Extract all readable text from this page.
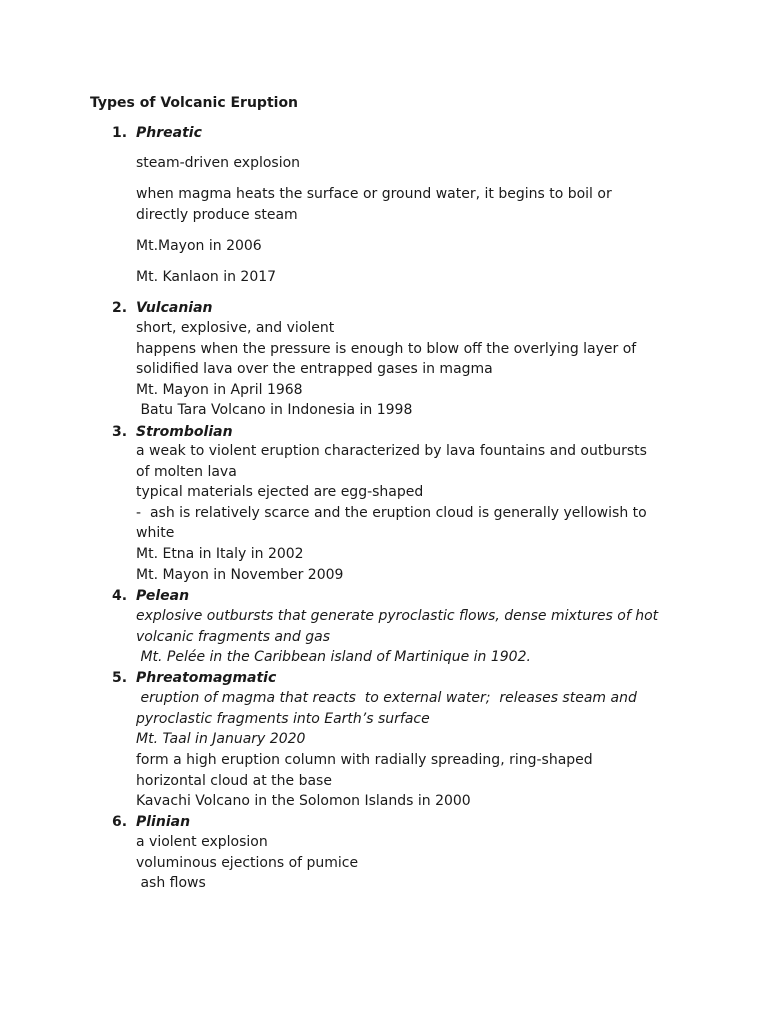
Types of Volcanic Eruption
1. Phreatic
steam-driven explosion
when magma heats the surface or ground water, it begins to boil or
directly produce steam
Mt.Mayon in 2006
Mt. Kanlaon in 2017
2. Vulcanian
short, explosive, and violent
happens when the pressure is enough to blow off the overlying layer of
solidified lava over the entrapped gases in magma
Mt. Mayon in April 1968
Batu Tara Volcano in Indonesia in 1998
3. Strombolian
a weak to violent eruption characterized by lava fountains and outbursts
of molten lava
typical materials ejected are egg-shaped
-  ash is relatively scarce and the eruption cloud is generally yellowish to
white
Mt. Etna in Italy in 2002
Mt. Mayon in November 2009
4. Pelean
explosive outbursts that generate pyroclastic flows, dense mixtures of hot
volcanic fragments and gas
Mt. Pelée in the Caribbean island of Martinique in 1902.
5. Phreatomagmatic
eruption of magma that reacts  to external water;  releases steam and
pyroclastic fragments into Earth’s surface
Mt. Taal in January 2020
form a high eruption column with radially spreading, ring-shaped
horizontal cloud at the base
Kavachi Volcano in the Solomon Islands in 2000
6. Plinian
a violent explosion
voluminous ejections of pumice
ash flows
